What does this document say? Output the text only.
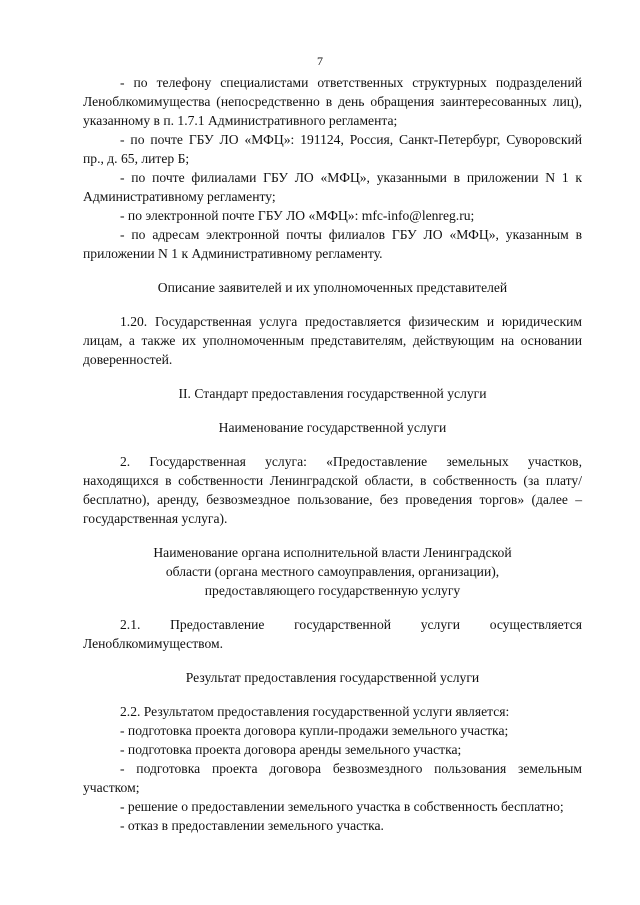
7

- по телефону специалистами ответственных структурных подразделений Леноблкомимущества (непосредственно в день обращения заинтересованных лиц), указанному в п. 1.7.1 Административного регламента;

- по почте ГБУ ЛО «МФЦ»: 191124, Россия, Санкт-Петербург, Суворовский пр., д. 65, литер Б;

- по почте филиалами ГБУ ЛО «МФЦ», указанными в приложении N 1 к Административному регламенту;

- по электронной почте ГБУ ЛО «МФЦ»: mfc-info@lenreg.ru;

- по адресам электронной почты филиалов ГБУ ЛО «МФЦ», указанным в приложении N 1 к Административному регламенту.

Описание заявителей и их уполномоченных представителей

1.20. Государственная услуга предоставляется физическим и юридическим лицам, а также их уполномоченным представителям, действующим на основании доверенностей.

II. Стандарт предоставления государственной услуги

Наименование государственной услуги

2. Государственная услуга: «Предоставление земельных участков, находящихся в собственности Ленинградской области, в собственность (за плату/бесплатно), аренду, безвозмездное пользование, без проведения торгов» (далее – государственная услуга).

Наименование органа исполнительной власти Ленинградской

области (органа местного самоуправления, организации),

предоставляющего государственную услугу

2.1. Предоставление государственной услуги осуществляется Леноблкомимуществом.

Результат предоставления государственной услуги

2.2. Результатом предоставления государственной услуги является:

- подготовка проекта договора купли-продажи земельного участка;

- подготовка проекта договора аренды земельного участка;

- подготовка проекта договора безвозмездного пользования земельным участком;

- решение о предоставлении земельного участка в собственность бесплатно;

- отказ в предоставлении земельного участка.
